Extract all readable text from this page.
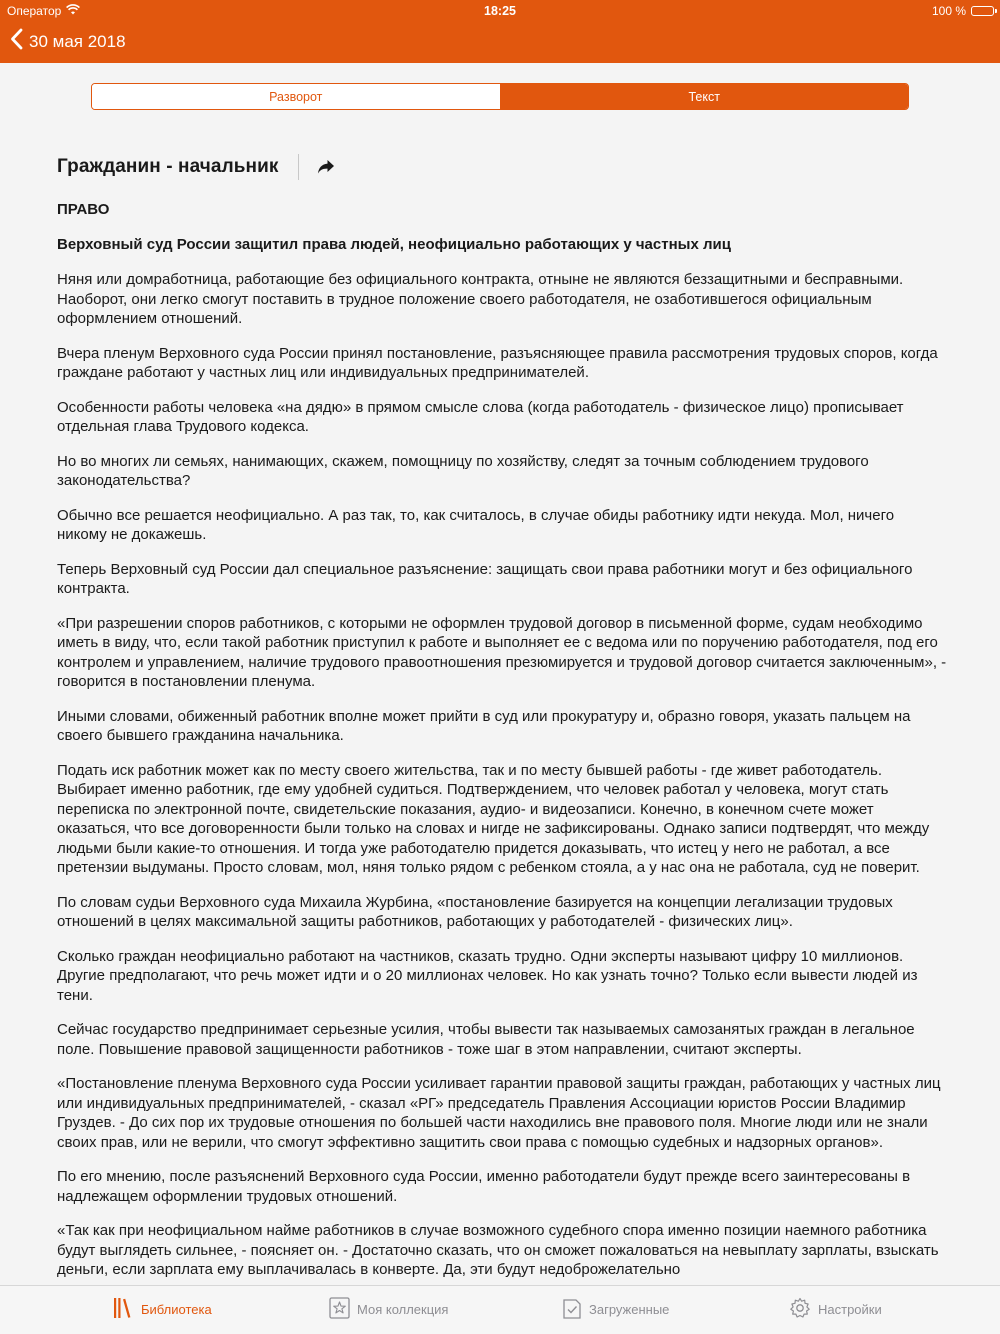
Оператор	18:25	100 %
30 мая 2018
Разворот	Текст
Гражданин - начальник
ПРАВО
Верховный суд России защитил права людей, неофициально работающих у частных лиц

Няня или домработница, работающие без официального контракта, отныне не являются беззащитными и бесправными. Наоборот, они легко смогут поставить в трудное положение своего работодателя, не озаботившегося официальным оформлением отношений.

Вчера пленум Верховного суда России принял постановление, разъясняющее правила рассмотрения трудовых споров, когда граждане работают у частных лиц или индивидуальных предпринимателей.

Особенности работы человека «на дядю» в прямом смысле слова (когда работодатель - физическое лицо) прописывает отдельная глава Трудового кодекса.

Но во многих ли семьях, нанимающих, скажем, помощницу по хозяйству, следят за точным соблюдением трудового законодательства?

Обычно все решается неофициально. А раз так, то, как считалось, в случае обиды работнику идти некуда. Мол, ничего никому не докажешь.

Теперь Верховный суд России дал специальное разъяснение: защищать свои права работники могут и без официального контракта.

«При разрешении споров работников, с которыми не оформлен трудовой договор в письменной форме, судам необходимо иметь в виду, что, если такой работник приступил к работе и выполняет ее с ведома или по поручению работодателя, под его контролем и управлением, наличие трудового правоотношения презюмируется и трудовой договор считается заключенным», - говорится в постановлении пленума.

Иными словами, обиженный работник вполне может прийти в суд или прокуратуру и, образно говоря, указать пальцем на своего бывшего гражданина начальника.

Подать иск работник может как по месту своего жительства, так и по месту бывшей работы - где живет работодатель. Выбирает именно работник, где ему удобней судиться. Подтверждением, что человек работал у человека, могут стать переписка по электронной почте, свидетельские показания, аудио- и видеозаписи. Конечно, в конечном счете может оказаться, что все договоренности были только на словах и нигде не зафиксированы. Однако записи подтвердят, что между людьми были какие-то отношения. И тогда уже работодателю придется доказывать, что истец у него не работал, а все претензии выдуманы. Просто словам, мол, няня только рядом с ребенком стояла, а у нас она не работала, суд не поверит.

По словам судьи Верховного суда Михаила Журбина, «постановление базируется на концепции легализации трудовых отношений в целях максимальной защиты работников, работающих у работодателей - физических лиц».

Сколько граждан неофициально работают на частников, сказать трудно. Одни эксперты называют цифру 10 миллионов. Другие предполагают, что речь может идти и о 20 миллионах человек. Но как узнать точно? Только если вывести людей из тени.

Сейчас государство предпринимает серьезные усилия, чтобы вывести так называемых самозанятых граждан в легальное поле. Повышение правовой защищенности работников - тоже шаг в этом направлении, считают эксперты.

«Постановление пленума Верховного суда России усиливает гарантии правовой защиты граждан, работающих у частных лиц или индивидуальных предпринимателей, - сказал «РГ» председатель Правления Ассоциации юристов России Владимир Груздев. - До сих пор их трудовые отношения по большей части находились вне правового поля. Многие люди или не знали своих прав, или не верили, что смогут эффективно защитить свои права с помощью судебных и надзорных органов».

По его мнению, после разъяснений Верховного суда России, именно работодатели будут прежде всего заинтересованы в надлежащем оформлении трудовых отношений.

«Так как при неофициальном найме работников в случае возможного судебного спора именно позиции наемного работника будут выглядеть сильнее, - поясняет он. - Достаточно сказать, что он сможет пожаловаться на невыплату зарплаты, взыскать деньги, если зарплата ему выплачивалась в конверте. Да, эти будут недоброжелательно

Библиотека	Моя коллекция	Загруженные	Настройки
